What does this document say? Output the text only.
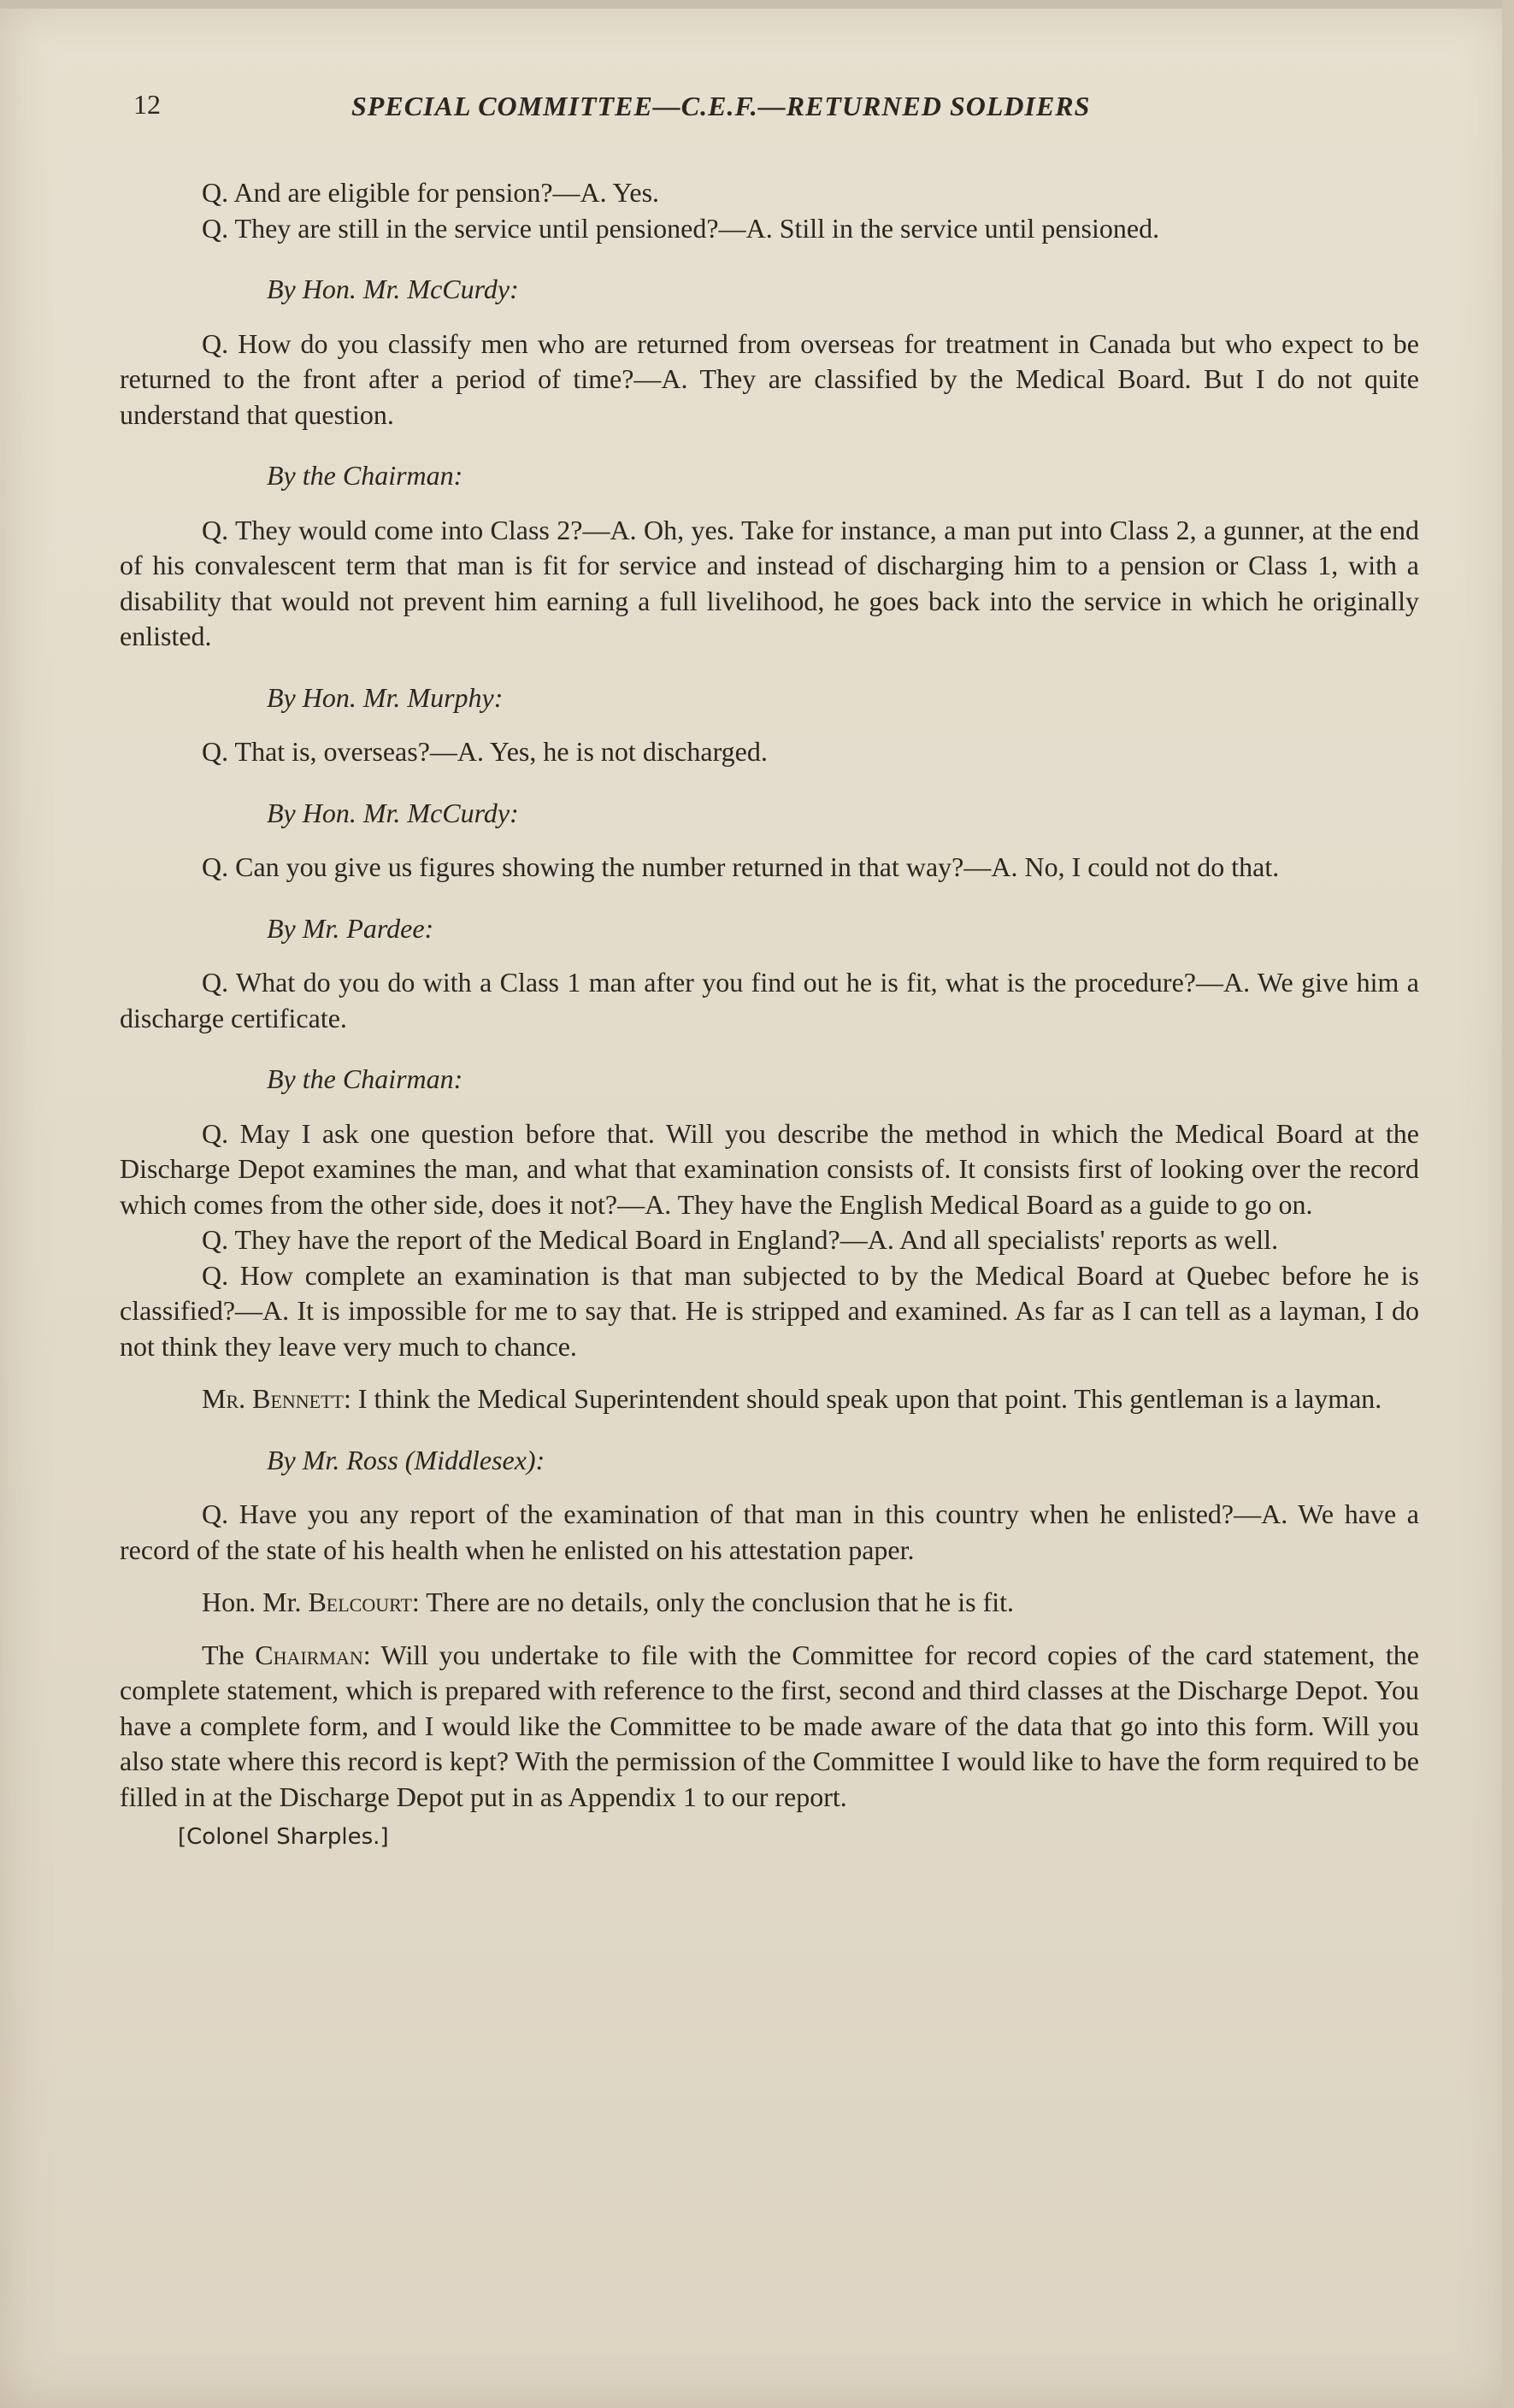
12	SPECIAL COMMITTEE—C.E.F.—RETURNED SOLDIERS

Q. And are eligible for pension?—A. Yes.

Q. They are still in the service until pensioned?—A. Still in the service until pensioned.

By Hon. Mr. McCurdy:

Q. How do you classify men who are returned from overseas for treatment in Canada but who expect to be returned to the front after a period of time?—A. They are classified by the Medical Board. But I do not quite understand that question.

By the Chairman:

Q. They would come into Class 2?—A. Oh, yes. Take for instance, a man put into Class 2, a gunner, at the end of his convalescent term that man is fit for service and instead of discharging him to a pension or Class 1, with a disability that would not prevent him earning a full livelihood, he goes back into the service in which he originally enlisted.

By Hon. Mr. Murphy:

Q. That is, overseas?—A. Yes, he is not discharged.

By Hon. Mr. McCurdy:

Q. Can you give us figures showing the number returned in that way?—A. No, I could not do that.

By Mr. Pardee:

Q. What do you do with a Class 1 man after you find out he is fit, what is the procedure?—A. We give him a discharge certificate.

By the Chairman:

Q. May I ask one question before that. Will you describe the method in which the Medical Board at the Discharge Depot examines the man, and what that examination consists of. It consists first of looking over the record which comes from the other side, does it not?—A. They have the English Medical Board as a guide to go on.

Q. They have the report of the Medical Board in England?—A. And all specialists' reports as well.

Q. How complete an examination is that man subjected to by the Medical Board at Quebec before he is classified?—A. It is impossible for me to say that. He is stripped and examined. As far as I can tell as a layman, I do not think they leave very much to chance.

Mr. Bennett: I think the Medical Superintendent should speak upon that point. This gentleman is a layman.

By Mr. Ross (Middlesex):

Q. Have you any report of the examination of that man in this country when he enlisted?—A. We have a record of the state of his health when he enlisted on his attestation paper.

Hon. Mr. Belcourt: There are no details, only the conclusion that he is fit.

The Chairman: Will you undertake to file with the Committee for record copies of the card statement, the complete statement, which is prepared with reference to the first, second and third classes at the Discharge Depot. You have a complete form, and I would like the Committee to be made aware of the data that go into this form. Will you also state where this record is kept? With the permission of the Committee I would like to have the form required to be filled in at the Discharge Depot put in as Appendix 1 to our report.

[Colonel Sharples.]
